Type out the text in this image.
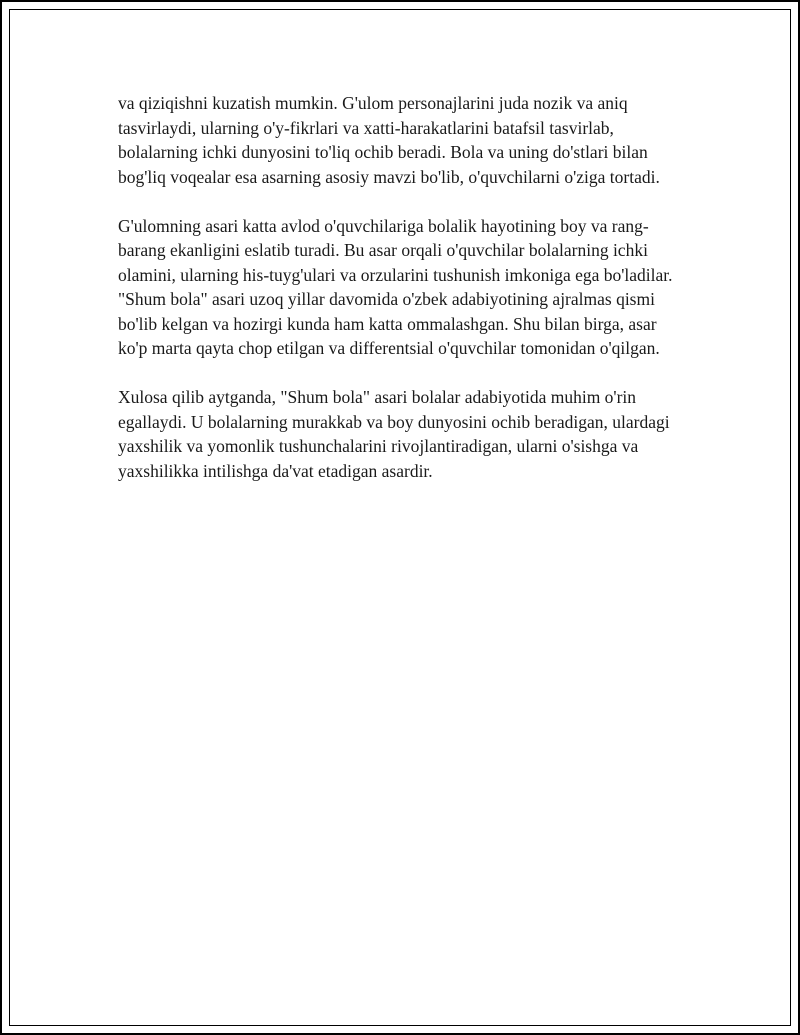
va qiziqishni kuzatish mumkin. G'ulom personajlarini juda nozik va aniq tasvirlaydi, ularning o'y-fikrlari va xatti-harakatlarini batafsil tasvirlab, bolalarning ichki dunyosini to'liq ochib beradi. Bola va uning do'stlari bilan bog'liq voqealar esa asarning asosiy mavzi bo'lib, o'quvchilarni o'ziga tortadi.

G'ulomning asari katta avlod o'quvchilariga bolalik hayotining boy va rang-barang ekanligini eslatib turadi. Bu asar orqali o'quvchilar bolalarning ichki olamini, ularning his-tuyg'ulari va orzularini tushunish imkoniga ega bo'ladilar. "Shum bola" asari uzoq yillar davomida o'zbek adabiyotining ajralmas qismi bo'lib kelgan va hozirgi kunda ham katta ommalashgan. Shu bilan birga, asar ko'p marta qayta chop etilgan va differentsial o'quvchilar tomonidan o'qilgan.

Xulosa qilib aytganda, "Shum bola" asari bolalar adabiyotida muhim o'rin egallaydi. U bolalarning murakkab va boy dunyosini ochib beradigan, ulardagi yaxshilik va yomonlik tushunchalarini rivojlantiradigan, ularni o'sishga va yaxshilikka intilishga da'vat etadigan asardir.
